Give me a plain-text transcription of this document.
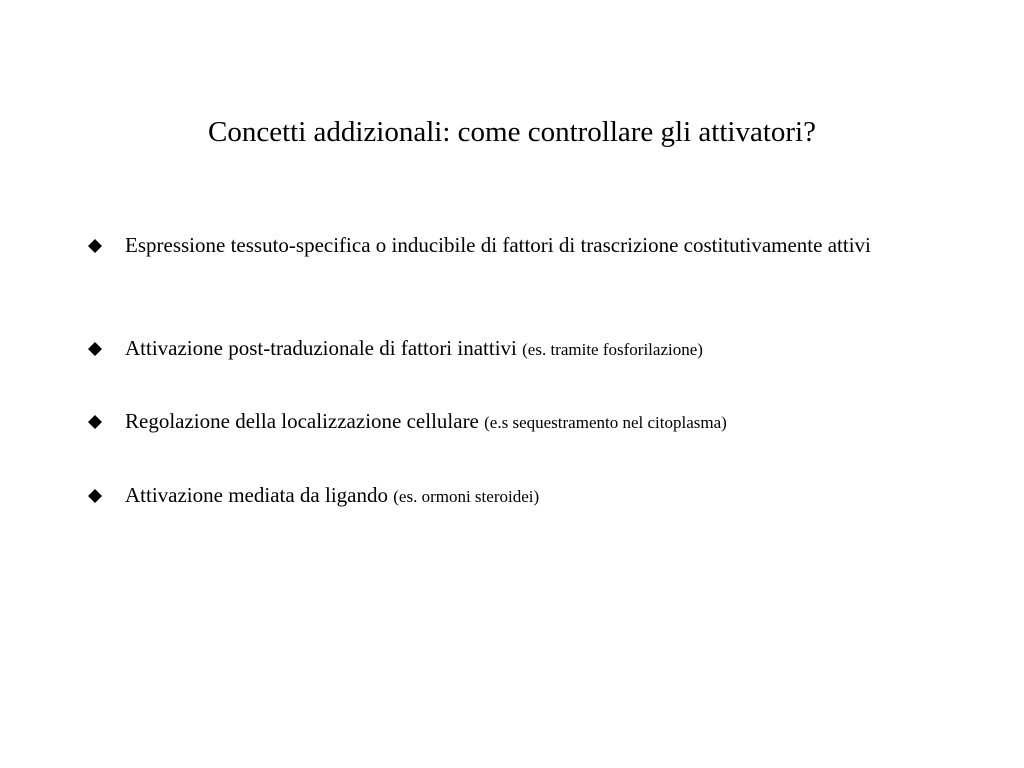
Concetti addizionali: come controllare gli attivatori?
Espressione tessuto-specifica o inducibile di fattori di trascrizione costitutivamente attivi
Attivazione post-traduzionale di fattori inattivi (es. tramite fosforilazione)
Regolazione della localizzazione cellulare (e.s sequestramento nel citoplasma)
Attivazione mediata da ligando (es. ormoni steroidei)
